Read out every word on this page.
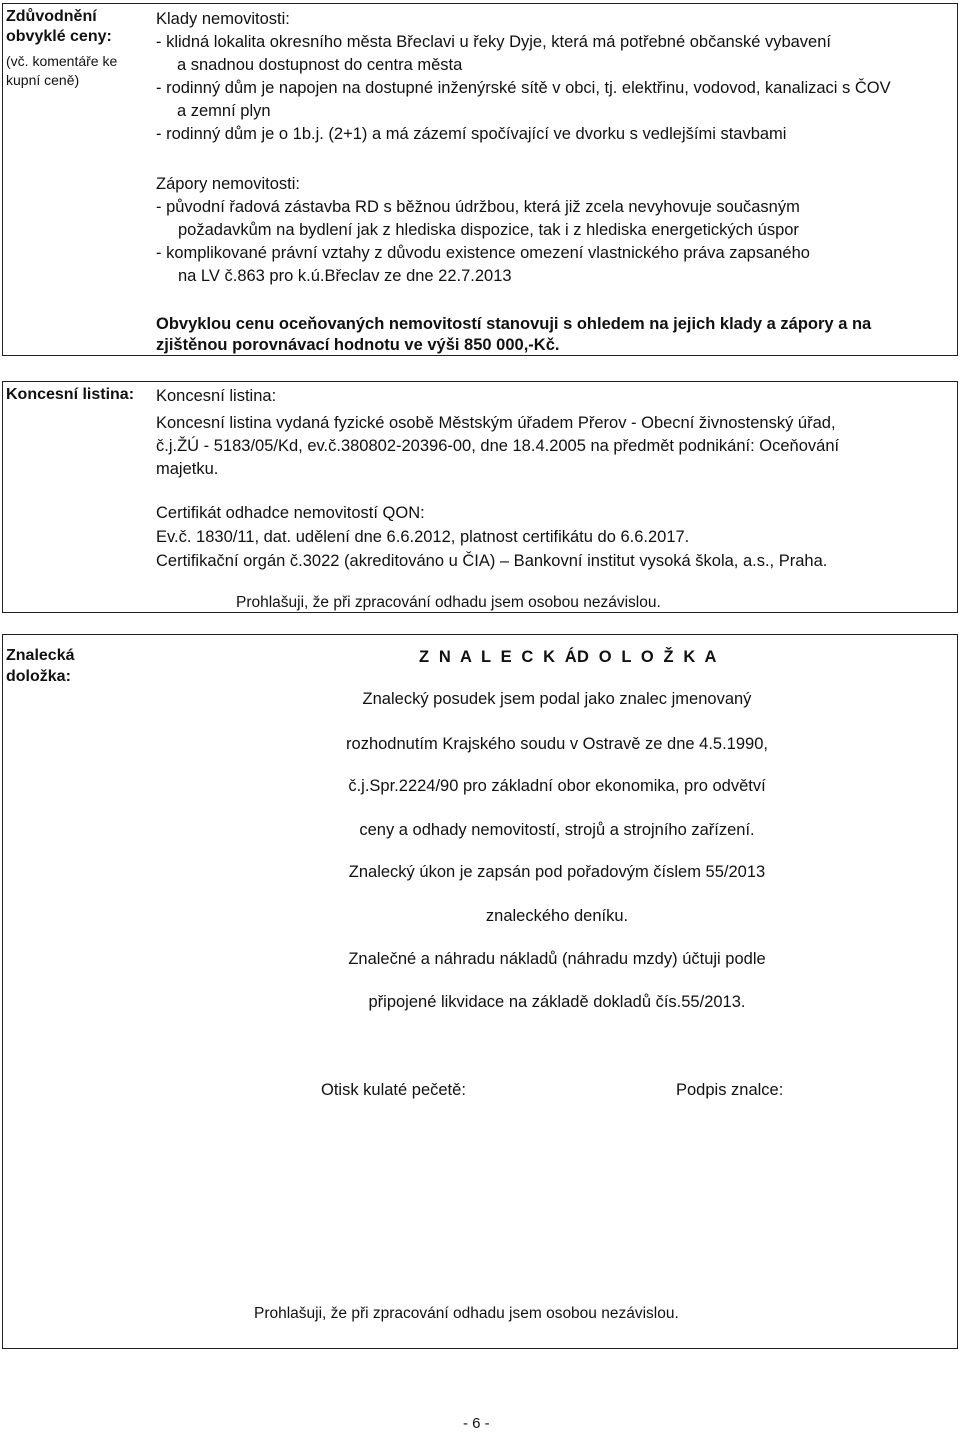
Zdůvodnění
obvyklé ceny:
(vč. komentáře ke
kupní ceně)
Klady nemovitosti:
- klidná lokalita okresního města Břeclavi u řeky Dyje, která má potřebné občanské vybavení
a snadnou dostupnost do centra města
- rodinný dům je napojen na dostupné inženýrské sítě v obci, tj. elektřinu, vodovod, kanalizaci s ČOV
a zemní plyn
- rodinný dům je o 1b.j. (2+1) a má zázemí spočívající ve dvorku s vedlejšími stavbami
Zápory nemovitosti:
- původní řadová zástavba RD s běžnou údržbou, která již zcela nevyhovuje současným
požadavkům na bydlení jak z hlediska dispozice, tak i z hlediska energetických úspor
- komplikované právní vztahy z důvodu existence omezení vlastnického práva zapsaného
na LV č.863 pro k.ú.Břeclav ze dne 22.7.2013
Obvyklou cenu oceňovaných nemovitostí stanovuji s ohledem na jejich klady a zápory a na
zjištěnou porovnávací hodnotu ve výši 850 000,-Kč.
Koncesní listina: Koncesní listina:
Koncesní listina vydaná fyzické osobě Městským úřadem Přerov - Obecní živnostenský úřad,
č.j.ŽÚ - 5183/05/Kd, ev.č.380802-20396-00, dne 18.4.2005 na předmět podnikání: Oceňování
majetku.
Certifikát odhadce nemovitostí QON:
Ev.č. 1830/11, dat. udělení dne 6.6.2012, platnost certifikátu do 6.6.2017.
Certifikační orgán č.3022 (akreditováno u ČIA) – Bankovní institut vysoká škola, a.s., Praha.
Prohlašuji, že při zpracování odhadu jsem osobou nezávislou.
Znalecká
doložka:
Z N A L E C K Á
D O L O Ž K A
Znalecký posudek jsem podal jako znalec jmenovaný
rozhodnutím Krajského soudu v Ostravě ze dne 4.5.1990,
č.j.Spr.2224/90 pro základní obor ekonomika, pro odvětví
ceny a odhady nemovitostí, strojů a strojního zařízení.
Znalecký úkon je zapsán pod pořadovým číslem 55/2013
znaleckého deníku.
Znalečné a náhradu nákladů (náhradu mzdy) účtuji podle
připojené likvidace na základě dokladů čís.55/2013.
Otisk kulaté pečetě:	Podpis znalce:
Prohlašuji, že při zpracování odhadu jsem osobou nezávislou.
- 6 -
